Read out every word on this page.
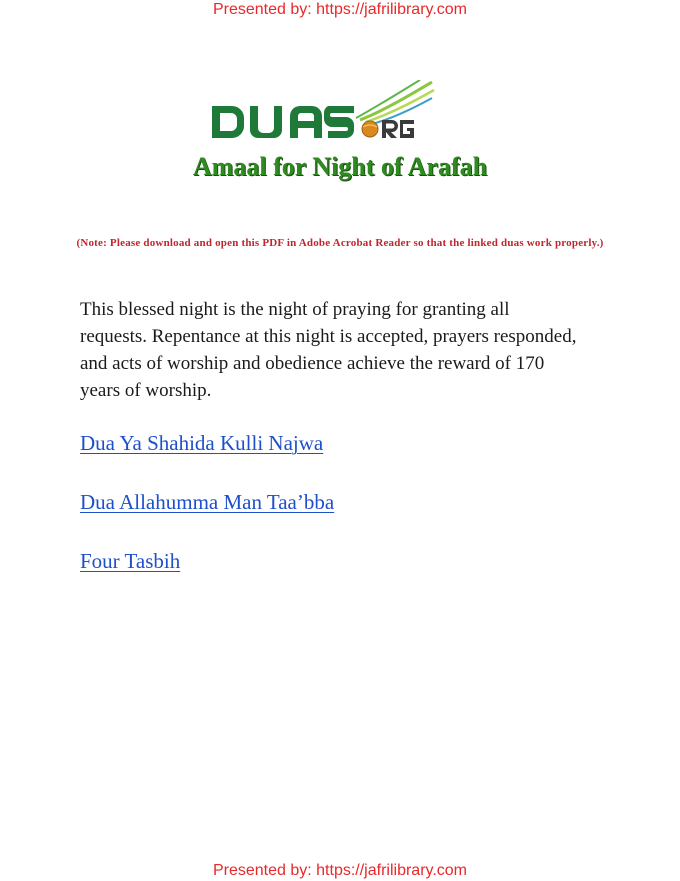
Presented by: https://jafrilibrary.com
Amaal for Night of Arafah
(Note: Please download and open this PDF in Adobe Acrobat Reader so that the linked duas work properly.)

This blessed night is the night of praying for granting all requests. Repentance at this night is accepted, prayers responded, and acts of worship and obedience achieve the reward of 170 years of worship.

Dua Ya Shahida Kulli Najwa
Dua Allahumma Man Taa’bba
Four Tasbih
Presented by: https://jafrilibrary.com
